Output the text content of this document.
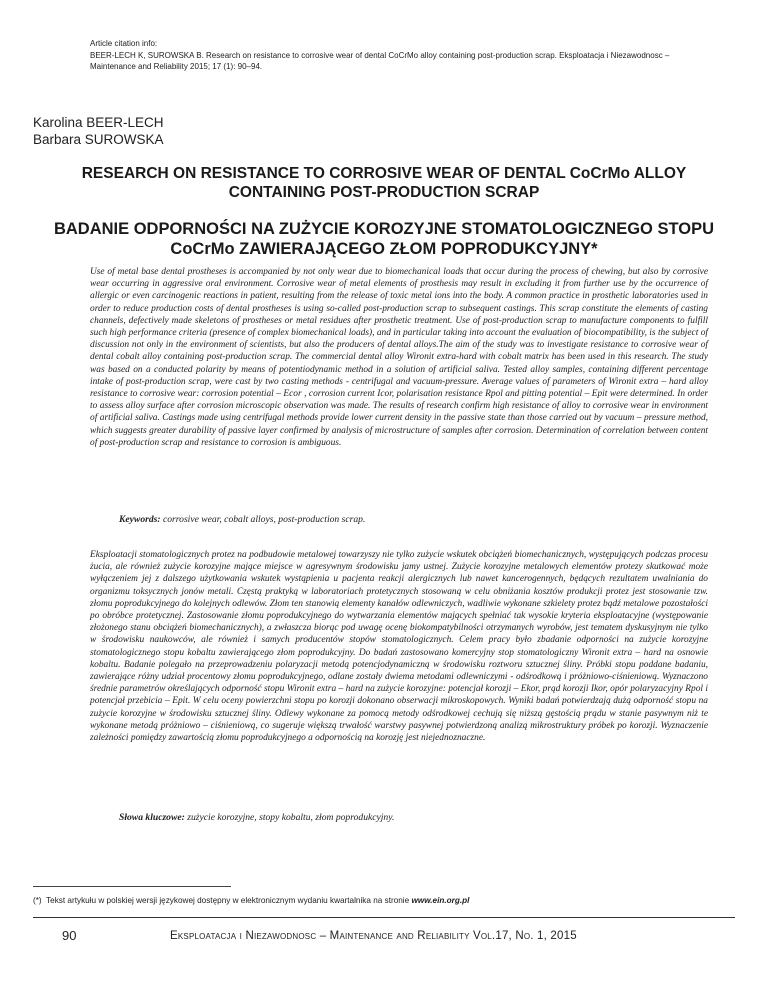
Article citation info:
BEER-LECH K, SUROWSKA B. Research on resistance to corrosive wear of dental CoCrMo alloy containing post-production scrap. Eksploatacja i Niezawodnosc – Maintenance and Reliability 2015; 17 (1): 90–94.
Karolina BEER-LECH
Barbara SUROWSKA
RESEARCH ON RESISTANCE TO CORROSIVE WEAR OF DENTAL CoCrMo ALLOY CONTAINING POST-PRODUCTION SCRAP
BADANIE ODPORNOŚCI NA ZUŻYCIE KOROZYJNE STOMATOLOGICZNEGO STOPU CoCrMo ZAWIERAJĄCEGO ZŁOM POPRODUKCYJNY*
Use of metal base dental prostheses is accompanied by not only wear due to biomechanical loads that occur during the process of chewing, but also by corrosive wear occurring in aggressive oral environment. Corrosive wear of metal elements of prosthesis may result in excluding it from further use by the occurrence of allergic or even carcinogenic reactions in patient, resulting from the release of toxic metal ions into the body. A common practice in prosthetic laboratories used in order to reduce production costs of dental prostheses is using so-called post-production scrap to subsequent castings. This scrap constitute the elements of casting channels, defectively made skeletons of prostheses or metal residues after prosthetic treatment. Use of post-production scrap to manufacture components to fulfill such high performance criteria (presence of complex biomechanical loads), and in particular taking into account the evaluation of biocompatibility, is the subject of discussion not only in the environment of scientists, but also the producers of dental alloys.The aim of the study was to investigate resistance to corrosive wear of dental cobalt alloy containing post-production scrap. The commercial dental alloy Wironit extra-hard with cobalt matrix has been used in this research. The study was based on a conducted polarity by means of potentiodynamic method in a solution of artificial saliva. Tested alloy samples, containing different percentage intake of post-production scrap, were cast by two casting methods - centrifugal and vacuum-pressure. Average values of parameters of Wironit extra – hard alloy resistance to corrosive wear: corrosion potential – Ecor , corrosion current Icor, polarisation resistance Rpol and pitting potential – Epit were determined. In order to assess alloy surface after corrosion microscopic observation was made. The results of research confirm high resistance of alloy to corrosive wear in environment of artificial saliva. Castings made using centrifugal methods provide lower current density in the passive state than those carried out by vacuum – pressure method, which suggests greater durability of passive layer confirmed by analysis of microstructure of samples after corrosion. Determination of correlation between content of post-production scrap and resistance to corrosion is ambiguous.
Keywords: corrosive wear, cobalt alloys, post-production scrap.
Eksploatacji stomatologicznych protez na podbudowie metalowej towarzyszy nie tylko zużycie wskutek obciążeń biomechanicznych, występujących podczas procesu żucia, ale również zużycie korozyjne mające miejsce w agresywnym środowisku jamy ustnej. Zużycie korozyjne metalowych elementów protezy skutkować może wyłączeniem jej z dalszego użytkowania wskutek wystąpienia u pacjenta reakcji alergicznych lub nawet kancerogennych, będących rezultatem uwalniania do organizmu toksycznych jonów metali. Częstą praktyką w laboratoriach protetycznych stosowaną w celu obniżania kosztów produkcji protez jest stosowanie tzw. złomu poprodukcyjnego do kolejnych odlewów. Złom ten stanowią elementy kanałów odlewniczych, wadliwie wykonane szkielety protez bądź metalowe pozostałości po obróbce protetycznej. Zastosowanie złomu poprodukcyjnego do wytwarzania elementów mających spełniać tak wysokie kryteria eksploatacyjne (występowanie złożonego stanu obciążeń biomechanicznych), a zwłaszcza biorąc pod uwagę ocenę biokompatybilności otrzymanych wyrobów, jest tematem dyskusyjnym nie tylko w środowisku naukowców, ale również i samych producentów stopów stomatologicznych. Celem pracy było zbadanie odporności na zużycie korozyjne stomatologicznego stopu kobaltu zawierającego złom poprodukcyjny. Do badań zastosowano komercyjny stop stomatologiczny Wironit extra – hard na osnowie kobaltu. Badanie polegało na przeprowadzeniu polaryzacji metodą potencjodynamiczną w środowisku roztworu sztucznej śliny. Próbki stopu poddane badaniu, zawierające różny udział procentowy złomu poprodukcyjnego, odlane zostały dwiema metodami odlewniczymi - odśrodkową i próżniowo-ciśnieniową. Wyznaczono średnie parametrów określających odporność stopu Wironit extra – hard na zużycie korozyjne: potencjał korozji – Ekor, prąd korozji Ikor, opór polaryzacyjny Rpol i potencjał przebicia – Epit. W celu oceny powierzchni stopu po korozji dokonano obserwacji mikroskopowych. Wyniki badań potwierdzają dużą odporność stopu na zużycie korozyjne w środowisku sztucznej śliny. Odlewy wykonane za pomocą metody odśrodkowej cechują się niższą gęstością prądu w stanie pasywnym niż te wykonane metodą próżniowo – ciśnieniową, co sugeruje większą trwałość warstwy pasywnej potwierdzoną analizą mikrostruktury próbek po korozji. Wyznaczenie zależności pomiędzy zawartością złomu poprodukcyjnego a odpornością na korozję jest niejednoznaczne.
Słowa kluczowe: zużycie korozyjne, stopy kobaltu, złom poprodukcyjny.
(*) Tekst artykułu w polskiej wersji językowej dostępny w elektronicznym wydaniu kwartalnika na stronie www.ein.org.pl
90	Eksploatacja i Niezawodnosc – Maintenance and Reliability Vol.17, No. 1, 2015
